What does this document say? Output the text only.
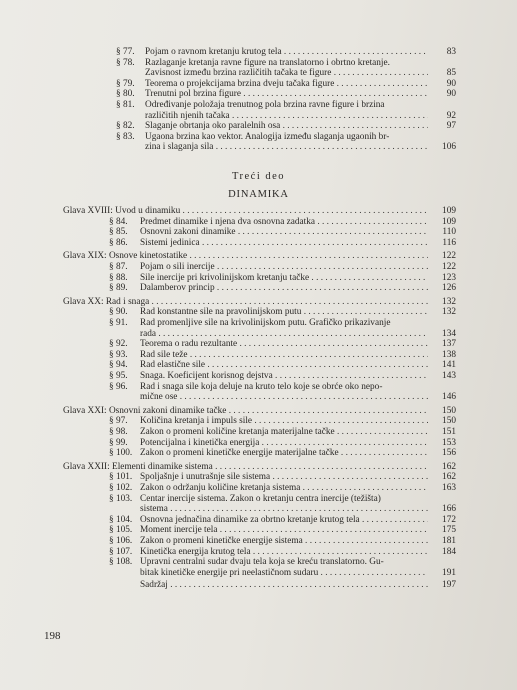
§ 77. Pojam o ravnom kretanju krutog tela . . .	83
§ 78. Razlaganje kretanja ravne figure na translatorno i obrtno kretanje.
Zavisnost između brzina različitih tačaka te figure . . .	85
§ 79. Teorema o projekcijama brzina dveju tačaka figure . . .	90
§ 80. Trenutni pol brzina figure . . .	90
§ 81. Određivanje položaja trenutnog pola brzina ravne figure i brzina
različitih njenih tačaka . . .	92
§ 82. Slaganje obrtanja oko paralelnih osa . . .	97
§ 83. Ugaona brzina kao vektor. Analogija između slaganja ugaonih br-
zina i slaganja sila . . .	106
Glava XVIII: Uvod u dinamiku . . .	109
§ 84. Predmet dinamike i njena dva osnovna zadatka . . .	109
§ 85. Osnovni zakoni dinamike . . .	110
§ 86. Sistemi jedinica . . .	116
Glava XIX: Osnove kinetostatike . . .	122
§ 87. Pojam o sili inercije . . .	122
§ 88. Sile inercije pri krivolinijskom kretanju tačke . . .	123
§ 89. Dalamberov princip . . .	126
Glava XX: Rad i snaga . . .	132
§ 90. Rad konstantne sile na pravolinijskom putu . . .	132
§ 91. Rad promenljive sile na krivolinijskom putu. Grafičko prikazivanje
rada . . .	134
§ 92. Teorema o radu rezultante . . .	137
§ 93. Rad sile teže . . .	138
§ 94. Rad elastične sile . . .	141
§ 95. Snaga. Koeficijent korisnog dejstva . . .	143
§ 96. Rad i snaga sile koja deluje na kruto telo koje se obrće oko nepo-
mične ose . . .	146
Glava XXI: Osnovni zakoni dinamike tačke . . .	150
§ 97. Količina kretanja i impuls sile . . .	150
§ 98. Zakon o promeni količine kretanja materijalne tačke . . .	151
§ 99. Potencijalna i kinetička energija . . .	153
§ 100. Zakon o promeni kinetičke energije materijalne tačke . . .	156
Glava XXII: Elementi dinamike sistema . . .	162
§ 101. Spoljašnje i unutrašnje sile sistema . . .	162
§ 102. Zakon o održanju količine kretanja sistema . . .	163
§ 103. Centar inercije sistema. Zakon o kretanju centra inercije (težišta)
sistema . . .	166
§ 104. Osnovna jednačina dinamike za obrtno kretanje krutog tela . . .	172
§ 105. Moment inercije tela . . .	175
§ 106. Zakon o promeni kinetičke energije sistema . . .	181
§ 107. Kinetička energija krutog tela . . .	184
§ 108. Upravni centralni sudar dvaju tela koja se kreću translatorno. Gu-
bitak kinetičke energije pri neelastičnom sudaru . . .	191
Sadržaj . . .	197
Treći deo
DINAMIKA
198
